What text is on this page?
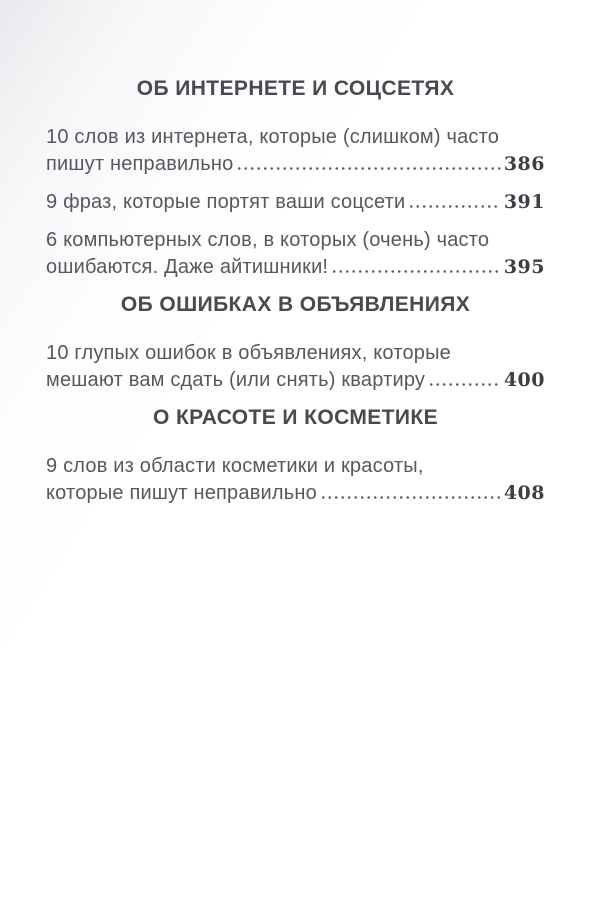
ОБ ИНТЕРНЕТЕ И СОЦСЕТЯХ
10 слов из интернета, которые (слишком) часто
пишут неправильно	386
9 фраз, которые портят ваши соцсети	391
6 компьютерных слов, в которых (очень) часто
ошибаются. Даже айтишники!	395
ОБ ОШИБКАХ В ОБЪЯВЛЕНИЯХ
10 глупых ошибок в объявлениях, которые
мешают вам сдать (или снять) квартиру	400
О КРАСОТЕ И КОСМЕТИКЕ
9 слов из области косметики и красоты,
которые пишут неправильно	408
